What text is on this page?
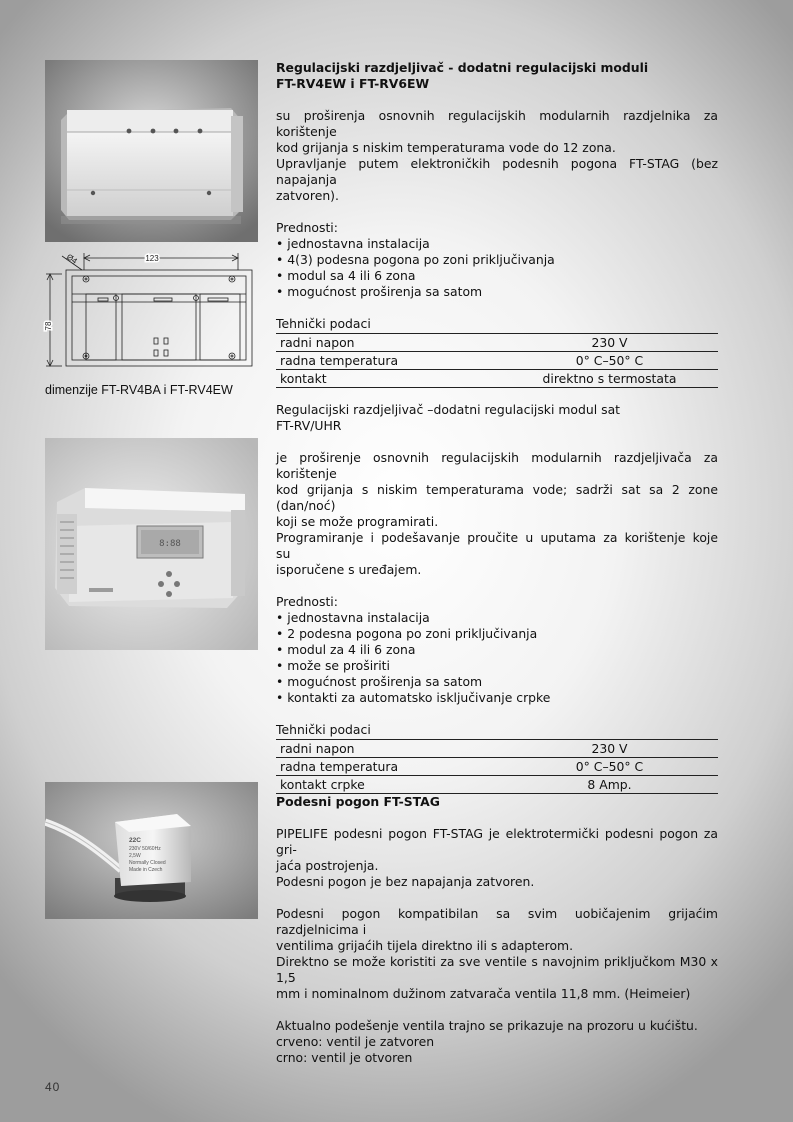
123
78
Ø4
dimenzije FT-RV4BA i FT-RV4EW
8:88
22C
230V 50/60Hz
2,5W
Normally Closed
Made in Czech

Regulacijski razdjeljivač - dodatni regulacijski moduli

FT-RV4EW i FT-RV6EW

su proširenja osnovnih regulacijskih modularnih razdjelnika za korištenje

kod grijanja s niskim temperaturama vode do 12 zona.

Upravljanje putem elektroničkih podesnih pogona FT-STAG (bez napajanja

zatvoren).

Prednosti:

• jednostavna instalacija

• 4(3) podesna pogona po zoni priključivanja

• modul sa 4 ili 6 zona

• mogućnost proširenja sa satom

Tehnički podaci

radni napon	230 V
radna temperatura	0° C–50° C
kontakt	direktno s termostata

Regulacijski razdjeljivač –dodatni regulacijski modul sat

FT-RV/UHR

je proširenje osnovnih regulacijskih modularnih razdjeljivača za korištenje

kod grijanja s niskim temperaturama vode; sadrži sat sa 2 zone (dan/noć)

koji se može programirati.

Programiranje i podešavanje proučite u uputama za korištenje koje su

isporučene s uređajem.

Prednosti:

• jednostavna instalacija

• 2 podesna pogona po zoni priključivanja

• modul za 4 ili 6 zona

• može se proširiti

• mogućnost proširenja sa satom

• kontakti za automatsko isključivanje crpke

Tehnički podaci

radni napon	230 V
radna temperatura	0° C–50° C
kontakt crpke	8 Amp.

Podesni pogon FT-STAG

PIPELIFE podesni pogon FT-STAG je elektrotermički podesni pogon za gri-

jaća postrojenja.

Podesni pogon je bez napajanja zatvoren.

Podesni pogon kompatibilan sa svim uobičajenim grijaćim razdjelnicima i

ventilima grijaćih tijela direktno ili s adapterom.

Direktno se može koristiti za sve ventile s navojnim priključkom M30 x 1,5

mm i nominalnom dužinom zatvarača ventila 11,8 mm. (Heimeier)

Aktualno podešenje ventila trajno se prikazuje na prozoru u kućištu.

crveno: ventil je zatvoren

crno: ventil je otvoren

40
